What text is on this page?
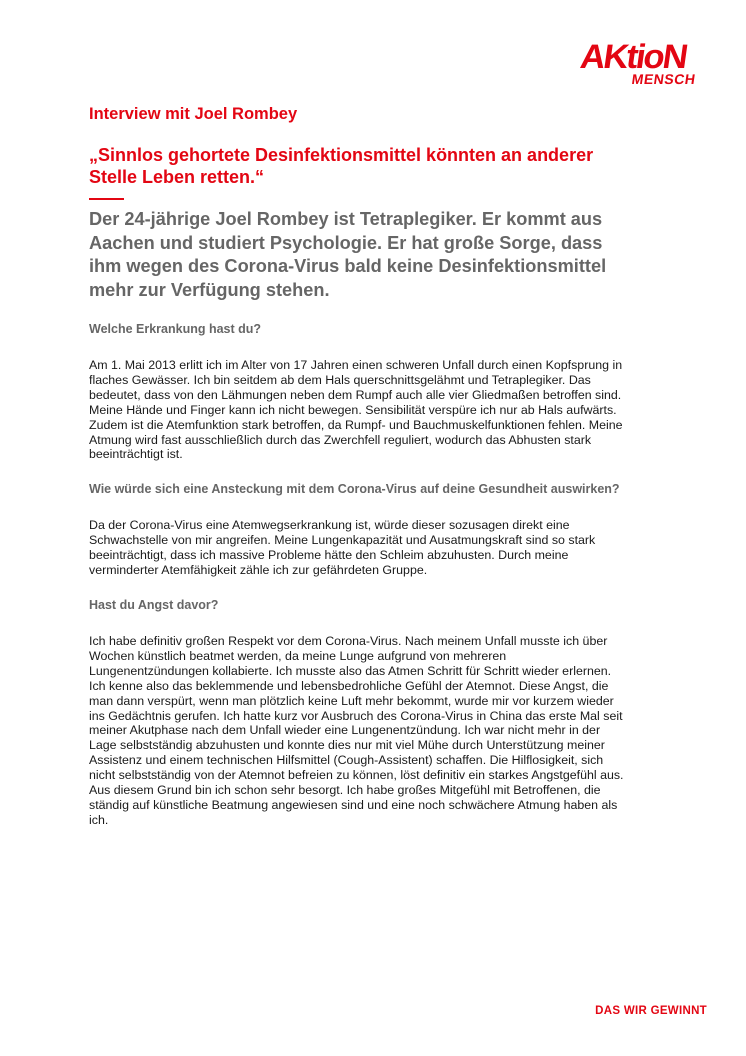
AKtioN
MENSCH

Interview mit Joel Rombey

„Sinnlos gehortete Desinfektionsmittel könnten an anderer Stelle Leben retten.“

Der 24-jährige Joel Rombey ist Tetraplegiker. Er kommt aus Aachen und studiert Psychologie. Er hat große Sorge, dass ihm wegen des Corona-Virus bald keine Desinfektionsmittel mehr zur Verfügung stehen.

Welche Erkrankung hast du?

Am 1. Mai 2013 erlitt ich im Alter von 17 Jahren einen schweren Unfall durch einen Kopfsprung in flaches Gewässer. Ich bin seitdem ab dem Hals querschnittsgelähmt und Tetraplegiker. Das bedeutet, dass von den Lähmungen neben dem Rumpf auch alle vier Gliedmaßen betroffen sind. Meine Hände und Finger kann ich nicht bewegen. Sensibilität verspüre ich nur ab Hals aufwärts. Zudem ist die Atemfunktion stark betroffen, da Rumpf- und Bauchmuskelfunktionen fehlen. Meine Atmung wird fast ausschließlich durch das Zwerchfell reguliert, wodurch das Abhusten stark beeinträchtigt ist.

Wie würde sich eine Ansteckung mit dem Corona-Virus auf deine Gesundheit auswirken?

Da der Corona-Virus eine Atemwegserkrankung ist, würde dieser sozusagen direkt eine Schwachstelle von mir angreifen. Meine Lungenkapazität und Ausatmungskraft sind so stark beeinträchtigt, dass ich massive Probleme hätte den Schleim abzuhusten. Durch meine verminderter Atemfähigkeit zähle ich zur gefährdeten Gruppe.

Hast du Angst davor?

Ich habe definitiv großen Respekt vor dem Corona-Virus. Nach meinem Unfall musste ich über Wochen künstlich beatmet werden, da meine Lunge aufgrund von mehreren Lungenentzündungen kollabierte. Ich musste also das Atmen Schritt für Schritt wieder erlernen. Ich kenne also das beklemmende und lebensbedrohliche Gefühl der Atemnot. Diese Angst, die man dann verspürt, wenn man plötzlich keine Luft mehr bekommt, wurde mir vor kurzem wieder ins Gedächtnis gerufen. Ich hatte kurz vor Ausbruch des Corona-Virus in China das erste Mal seit meiner Akutphase nach dem Unfall wieder eine Lungenentzündung. Ich war nicht mehr in der Lage selbstständig abzuhusten und konnte dies nur mit viel Mühe durch Unterstützung meiner Assistenz und einem technischen Hilfsmittel (Cough-Assistent) schaffen. Die Hilflosigkeit, sich nicht selbstständig von der Atemnot befreien zu können, löst definitiv ein starkes Angstgefühl aus. Aus diesem Grund bin ich schon sehr besorgt. Ich habe großes Mitgefühl mit Betroffenen, die ständig auf künstliche Beatmung angewiesen sind und eine noch schwächere Atmung haben als ich.

DAS WIR GEWINNT
